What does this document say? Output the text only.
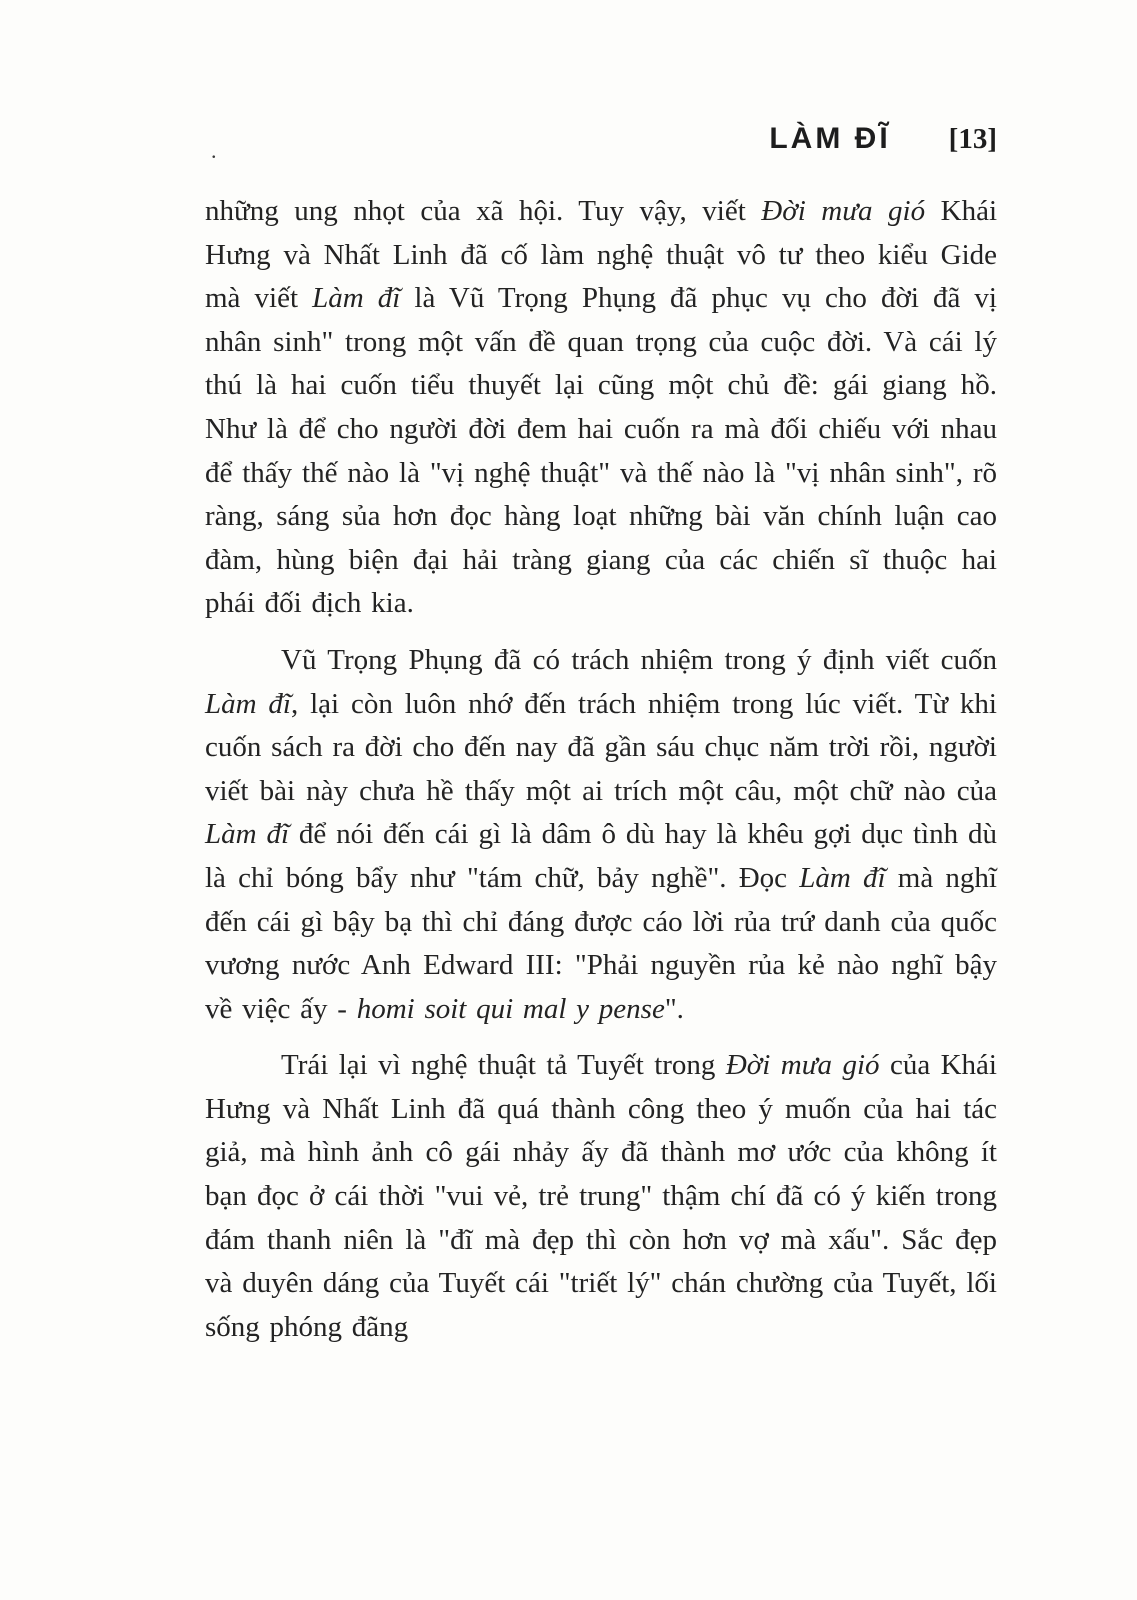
.	LÀM ĐĨ [13]

những ung nhọt của xã hội. Tuy vậy, viết Đời mưa gió Khái Hưng và Nhất Linh đã cố làm nghệ thuật vô tư theo kiểu Gide mà viết Làm đĩ là Vũ Trọng Phụng đã phục vụ cho đời đã vị nhân sinh" trong một vấn đề quan trọng của cuộc đời. Và cái lý thú là hai cuốn tiểu thuyết lại cũng một chủ đề: gái giang hồ. Như là để cho người đời đem hai cuốn ra mà đối chiếu với nhau để thấy thế nào là "vị nghệ thuật" và thế nào là "vị nhân sinh", rõ ràng, sáng sủa hơn đọc hàng loạt những bài văn chính luận cao đàm, hùng biện đại hải tràng giang của các chiến sĩ thuộc hai phái đối địch kia.

Vũ Trọng Phụng đã có trách nhiệm trong ý định viết cuốn Làm đĩ, lại còn luôn nhớ đến trách nhiệm trong lúc viết. Từ khi cuốn sách ra đời cho đến nay đã gần sáu chục năm trời rồi, người viết bài này chưa hề thấy một ai trích một câu, một chữ nào của Làm đĩ để nói đến cái gì là dâm ô dù hay là khêu gợi dục tình dù là chỉ bóng bẩy như "tám chữ, bảy nghề". Đọc Làm đĩ mà nghĩ đến cái gì bậy bạ thì chỉ đáng được cáo lời rủa trứ danh của quốc vương nước Anh Edward III: "Phải nguyền rủa kẻ nào nghĩ bậy về việc ấy - homi soit qui mal y pense".

Trái lại vì nghệ thuật tả Tuyết trong Đời mưa gió của Khái Hưng và Nhất Linh đã quá thành công theo ý muốn của hai tác giả, mà hình ảnh cô gái nhảy ấy đã thành mơ ước của không ít bạn đọc ở cái thời "vui vẻ, trẻ trung" thậm chí đã có ý kiến trong đám thanh niên là "đĩ mà đẹp thì còn hơn vợ mà xấu". Sắc đẹp và duyên dáng của Tuyết cái "triết lý" chán chường của Tuyết, lối sống phóng đãng
